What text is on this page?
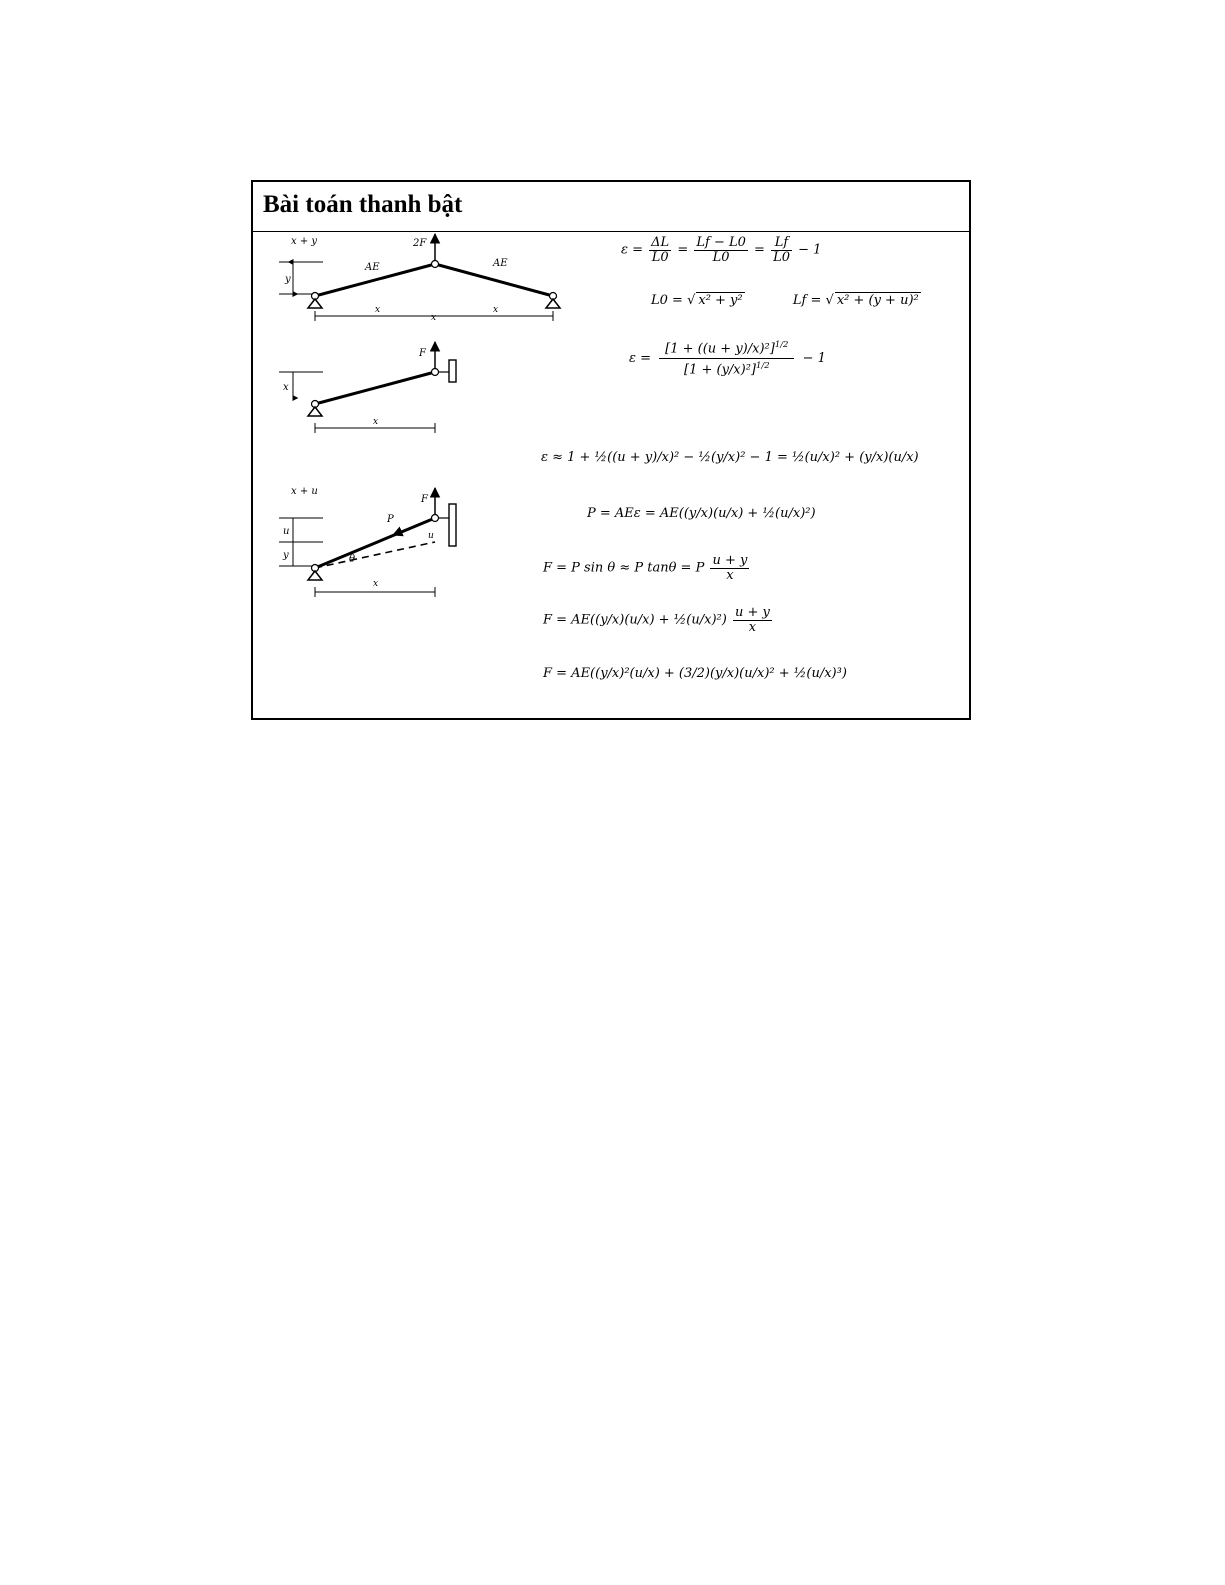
Bài toán thanh bật
x + y
y
2F
AE	AE
x
x
x
x
F
x
x + u
u
y
F
P
θ
u
x
$\varepsilon = \frac{\Delta L}{L0} = \frac{Lf - L0}{L0} = \frac{Lf}{L0} - 1$
L0 = √ x² + y²	Lf = √ x² + (y + u)²
$\varepsilon = \frac{[1 + ((u + y)/x)^2]^{1/2}}{[1 + (y/x)^2]^{1/2}} - 1$
ε ≈ 1 + ½((u + y)/x)² − ½(y/x)² − 1 = ½(u/x)² + (y/x)(u/x)
P = AEε = AE((y/x)(u/x) + ½(u/x)²)
F = P sin θ ≈ P tanθ = P $\frac{u + y}{x}$
F = AE((y/x)(u/x) + ½(u/x)²) $\frac{u + y}{x}$
F = AE((y/x)²(u/x) + (3/2)(y/x)(u/x)² + ½(u/x)³)
